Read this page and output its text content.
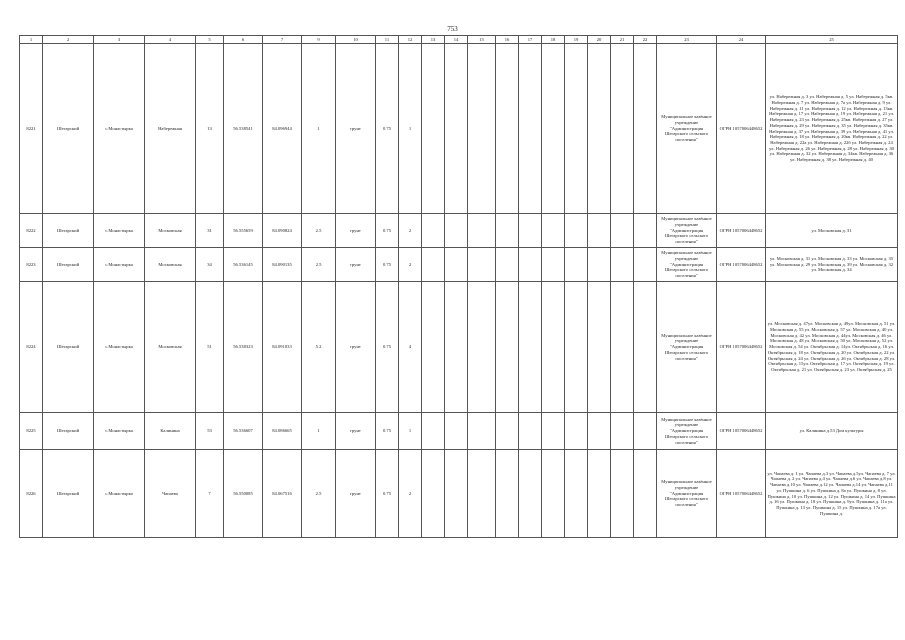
753
1	2	3	4	5	6	7	9	10	11	12	13	14	15	16	17	18	19	20	21	22	23	24	25
8221	Шегарский	с.Монастырка	Набережная	13	56.538541	84.096944	1	грунт	0.75	1											Муниципальное казённое учреждение "Администрация Шегарского сельского поселения"	ОГРН 1057006448652	ул. Набережная д. 3 ул. Набережная д. 5 ул. Набережная д. 5кв. Набережная д. 7 ул. Набережная д. 7а ул. Набережная д. 9 ул. Набережная д. 11 ул. Набережная д. 12 ул. Набережная д. 13кв. Набережная д. 17 ул. Набережная д. 19 ул. Набережная д. 21 ул. Набережная д. 23 ул. Набережная д. 25кв. Набережная д. 27 ул. Набережная д. 29 ул. Набережная д. 35 ул. Набережная д. 35кв. Набережная д. 37 ул. Набережная д. 39 ул. Набережная д. 41 ул. Набережная д. 18 ул. Набережная д. 20кв. Набережная д. 22 ул. Набережная д. 22а ул. Набережная д. 22б ул. Набережная д. 24 ул. Набережная д. 26 ул. Набережная д. 28 ул. Набережная д. 30 ул. Набережная д. 32 ул. Набережная д. 34кв. Набережная д. 36 ул. Набережная д. 38 ул. Набережная д. 40
8222	Шегарский	с.Монастырка	Московская	31	56.555659	84.090824	2.5	грунт	0.75	2											Муниципальное казённое учреждение "Администрация Шегарского сельского поселения"	ОГРН 1057006448652	ул. Московская д. 31
8223	Шегарский	с.Монастырка	Московская	34	56.536145	84.090135	2.5	грунт	0.75	2											Муниципальное казённое учреждение "Администрация Шегарского сельского поселения"	ОГРН 1057006448652	ул. Московская д. 31 ул. Московская д. 33 ул. Московская д. 35 ул. Московская д. 29 ул. Московская д. 39 ул. Московская д. 32 ул. Московская д. 34
8224	Шегарский	с.Монастырка	Московская	51	56.538323	84.091033	5.2	грунт	0.75	4											Муниципальное казённое учреждение "Администрация Шегарского сельского поселения"	ОГРН 1057006448652	ул. Московская д. 47ул. Московская д. 49ул. Московская д. 51 ул. Московская д. 55 ул. Московская д. 57 ул. Московская д. 40 ул. Московская д. 42 ул. Московская д. 44ул. Московская д. 46 ул. Московская д. 48 ул. Московская д. 50 ул. Московская д. 52 ул. Московская д. 54 ул. Октябрьская д. 14ул. Октябрьская д. 16 ул. Октябрьская д. 18 ул. Октябрьская д. 20 ул. Октябрьская д. 22 ул. Октябрьская д. 24 ул. Октябрьская д. 26 ул. Октябрьская д. 28 ул. Октябрьская д. 15ул. Октябрьская д. 17 ул. Октябрьская д. 19 ул. Октябрьская д. 21 ул. Октябрьская д. 23 ул. Октябрьская д. 25
8225	Шегарский	с.Монастырка	Калинина	53	56.536607	84.086665	1	грунт	0.75	1											Муниципальное казённое учреждение "Администрация Шегарского сельского поселения"	ОГРН 1057006448652	ул. Калинина д.53 Дом культуры
8226	Шегарский	с.Монастырка	Чапаева	7	56.550085	84.067516	2.5	грунт	0.75	2											Муниципальное казённое учреждение "Администрация Шегарского сельского поселения"	ОГРН 1057006448652	ул. Чапаева д. 1 ул. Чапаева д.3 ул. Чапаева д.5ул. Чапаева д. 7 ул. Чапаева д. 2 ул. Чапаева д.4 ул. Чапаева д.6 ул. Чапаева д.8 ул. Чапаева д.10 ул. Чапаева д.12 ул. Чапаева д.14 ул. Чапаева д.11 ул. Пушкина д. 6 ул. Пушкина д. 8а ул. Пушкина д. 8 ул. Пушкина д. 10 ул. Пушкина д. 12 ул. Пушкина д. 14 ул. Пушкина д. 16 ул. Пушкина д. 18 ул. Пушкина д. 9ул. Пушкина д. 11а ул. Пушкина д. 13 ул. Пушкина д. 15 ул. Пушкина д. 17а ул. Пушкина д.
